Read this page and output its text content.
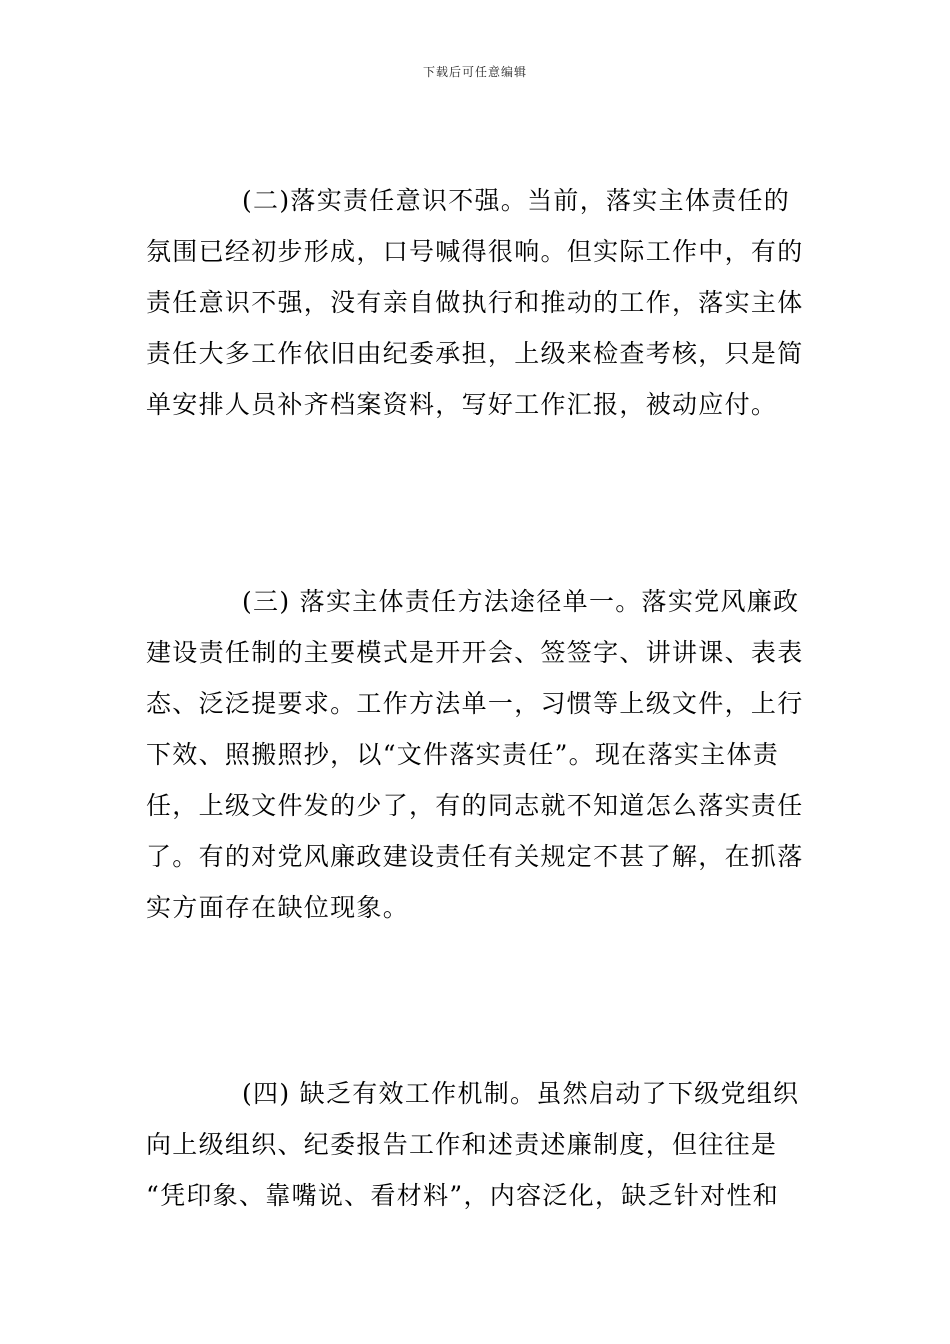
下载后可任意编辑
(二)落实责任意识不强。当前，落实主体责任的
氛围已经初步形成，口号喊得很响。但实际工作中，有的
责任意识不强，没有亲自做执行和推动的工作，落实主体
责任大多工作依旧由纪委承担，上级来检查考核，只是简
单安排人员补齐档案资料，写好工作汇报，被动应付。
(三) 落实主体责任方法途径单一。落实党风廉政
建设责任制的主要模式是开开会、签签字、讲讲课、表表
态、泛泛提要求。工作方法单一，习惯等上级文件，上行
下效、照搬照抄，以“文件落实责任”。现在落实主体责
任，上级文件发的少了，有的同志就不知道怎么落实责任
了。有的对党风廉政建设责任有关规定不甚了解，在抓落
实方面存在缺位现象。
(四) 缺乏有效工作机制。虽然启动了下级党组织
向上级组织、纪委报告工作和述责述廉制度，但往往是
“凭印象、靠嘴说、看材料”，内容泛化，缺乏针对性和
